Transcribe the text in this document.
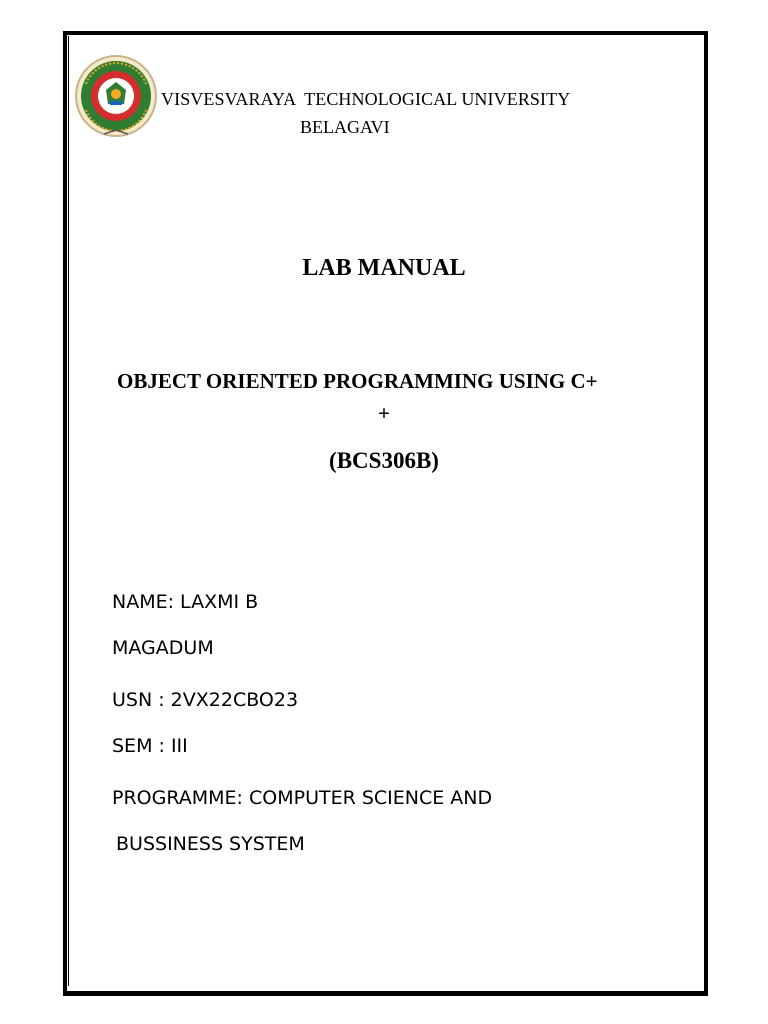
VISVESVARAYA  TECHNOLOGICAL UNIVERSITY
BELAGAVI
LAB MANUAL
OBJECT ORIENTED PROGRAMMING USING C+
+
(BCS306B)
NAME: LAXMI B
MAGADUM
USN : 2VX22CBO23
SEM : III
PROGRAMME: COMPUTER SCIENCE AND
BUSSINESS SYSTEM
